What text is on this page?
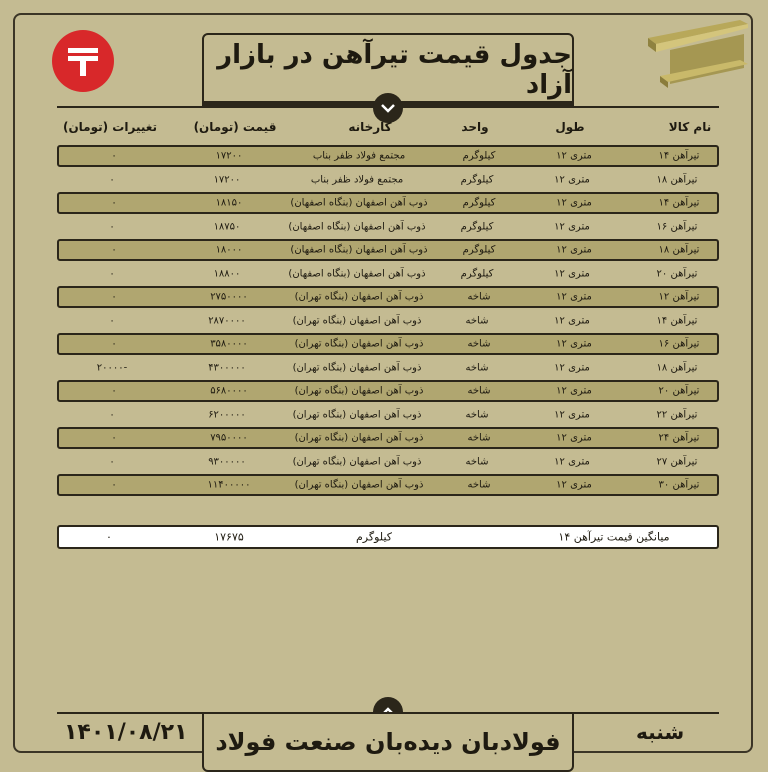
جدول قیمت تیرآهن در بازار آزاد
نام کالا
طول
واحد
کارخانه
قیمت (تومان)
تغییرات (تومان)
تیرآهن ۱۴
متری ۱۲
کیلوگرم
مجتمع فولاد ظفر بناب
۱۷۲۰۰
۰
تیرآهن ۱۸
متری ۱۲
کیلوگرم
مجتمع فولاد ظفر بناب
۱۷۲۰۰
۰
تیرآهن ۱۴
متری ۱۲
کیلوگرم
ذوب آهن اصفهان (بنگاه اصفهان)
۱۸۱۵۰
۰
تیرآهن ۱۶
متری ۱۲
کیلوگرم
ذوب آهن اصفهان (بنگاه اصفهان)
۱۸۷۵۰
۰
تیرآهن ۱۸
متری ۱۲
کیلوگرم
ذوب آهن اصفهان (بنگاه اصفهان)
۱۸۰۰۰
۰
تیرآهن ۲۰
متری ۱۲
کیلوگرم
ذوب آهن اصفهان (بنگاه اصفهان)
۱۸۸۰۰
۰
تیرآهن ۱۲
متری ۱۲
شاخه
ذوب آهن اصفهان (بنگاه تهران)
۲۷۵۰۰۰۰
۰
تیرآهن ۱۴
متری ۱۲
شاخه
ذوب آهن اصفهان (بنگاه تهران)
۲۸۷۰۰۰۰
۰
تیرآهن ۱۶
متری ۱۲
شاخه
ذوب آهن اصفهان (بنگاه تهران)
۳۵۸۰۰۰۰
۰
تیرآهن ۱۸
متری ۱۲
شاخه
ذوب آهن اصفهان (بنگاه تهران)
۴۳۰۰۰۰۰
-۲۰۰۰۰
تیرآهن ۲۰
متری ۱۲
شاخه
ذوب آهن اصفهان (بنگاه تهران)
۵۶۸۰۰۰۰
۰
تیرآهن ۲۲
متری ۱۲
شاخه
ذوب آهن اصفهان (بنگاه تهران)
۶۲۰۰۰۰۰
۰
تیرآهن ۲۴
متری ۱۲
شاخه
ذوب آهن اصفهان (بنگاه تهران)
۷۹۵۰۰۰۰
۰
تیرآهن ۲۷
متری ۱۲
شاخه
ذوب آهن اصفهان (بنگاه تهران)
۹۳۰۰۰۰۰
۰
تیرآهن ۳۰
متری ۱۲
شاخه
ذوب آهن اصفهان (بنگاه تهران)
۱۱۴۰۰۰۰۰
۰
میانگین قیمت تیرآهن ۱۴
کیلوگرم
۱۷۶۷۵
۰
فولادبان دیده‌بان صنعت فولاد
۱۴۰۱/۰۸/۲۱	شنبه
